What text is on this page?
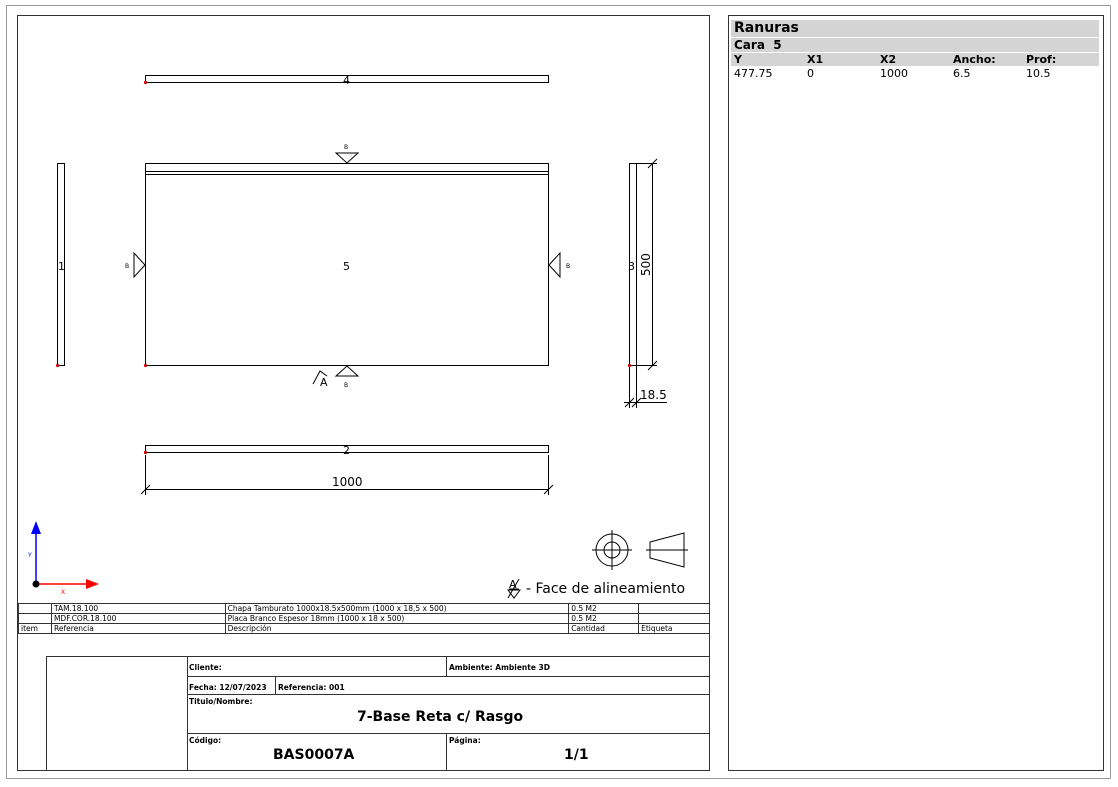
4
5
2
1	3
1000
500
18.5
A
A - Face de alineamiento
B
B
B	B
Y
X
Ranuras
Cara 5
Y	X1	X2	Ancho:	Prof:
477.75	0	1000	6.5	10.5
	TAM.18.100	Chapa Tamburato 1000x18.5x500mm (1000 x 18,5 x 500)	0.5 M2	
	MDF.COR.18.100	Placa Branco Espesor 18mm (1000 x 18 x 500)	0.5 M2	
item	Referencia	Descripción	Cantidad	Etiqueta
Cliente:	Ambiente: Ambiente 3D
Fecha: 12/07/2023 Referencia: 001
Titulo/Nombre:
7-Base Reta c/ Rasgo
Código:
BAS0007A
Página:
1/1
